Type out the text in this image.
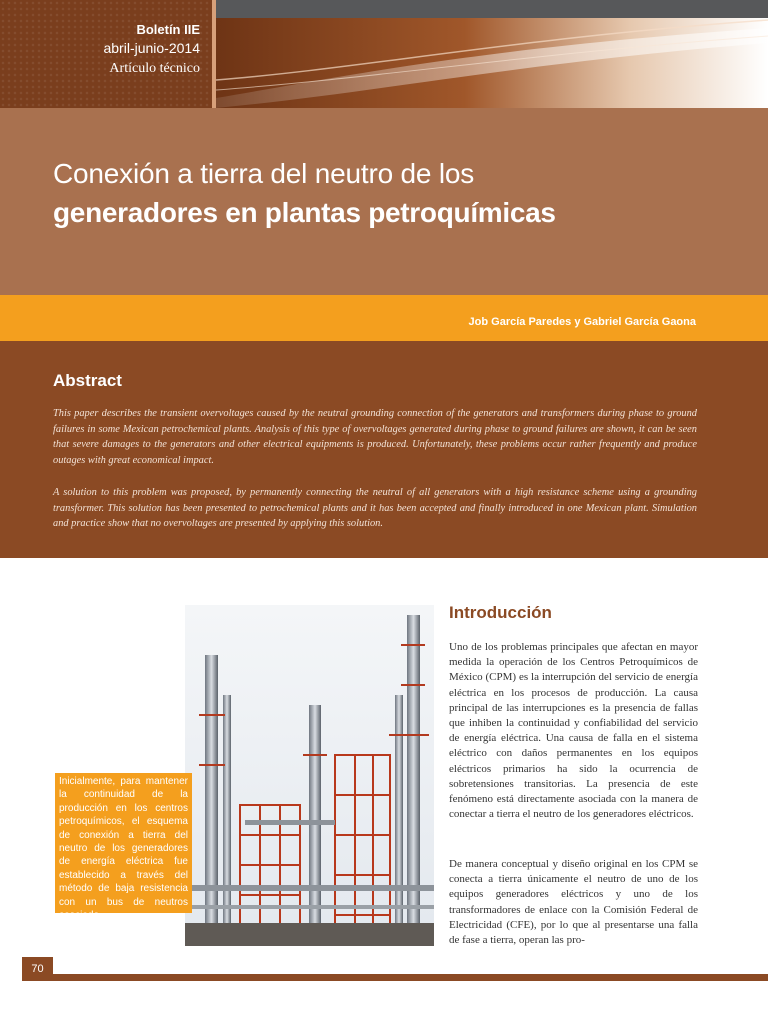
Boletín IIE
abril-junio-2014
Artículo técnico
Conexión a tierra del neutro de los
generadores en plantas petroquímicas
Job García Paredes y Gabriel García Gaona
Abstract

This paper describes the transient overvoltages caused by the neutral grounding connection of the generators and transformers during phase to ground failures in some Mexican petrochemical plants. Analysis of this type of overvoltages generated during phase to ground failures are shown, it can be seen that severe damages to the generators and other electrical equipments is produced. Unfortunately, these problems occur rather frequently and produce outages with great economical impact.

A solution to this problem was proposed, by permanently connecting the neutral of all generators with a high resistance scheme using a grounding transformer. This solution has been presented to petrochemical plants and it has been accepted and finally introduced in one Mexican plant. Simulation and practice show that no overvoltages are presented by applying this solution.

Inicialmente, para mantener la continuidad de la producción en los centros petroquímicos, el esquema de conexión a tierra del neutro de los generadores de energía eléctrica fue establecido a través del método de baja resistencia con un bus de neutros asociado.
Introducción

Uno de los problemas principales que afectan en mayor medida la operación de los Centros Petroquímicos de México (CPM) es la interrupción del servicio de energía eléctrica en los procesos de producción. La causa principal de las interrupciones es la presencia de fallas que inhiben la continuidad y confiabilidad del servicio de energía eléctrica. Una causa de falla en el sistema eléctrico con daños permanentes en los equipos eléctricos primarios ha sido la ocurrencia de sobretensiones transitorias. La presencia de este fenómeno está directamente asociada con la manera de conectar a tierra el neutro de los generadores eléctricos.

De manera conceptual y diseño original en los CPM se conecta a tierra únicamente el neutro de uno de los equipos generadores eléctricos y uno de los transformadores de enlace con la Comisión Federal de Electricidad (CFE), por lo que al presentarse una falla de fase a tierra, operan las pro-

70
